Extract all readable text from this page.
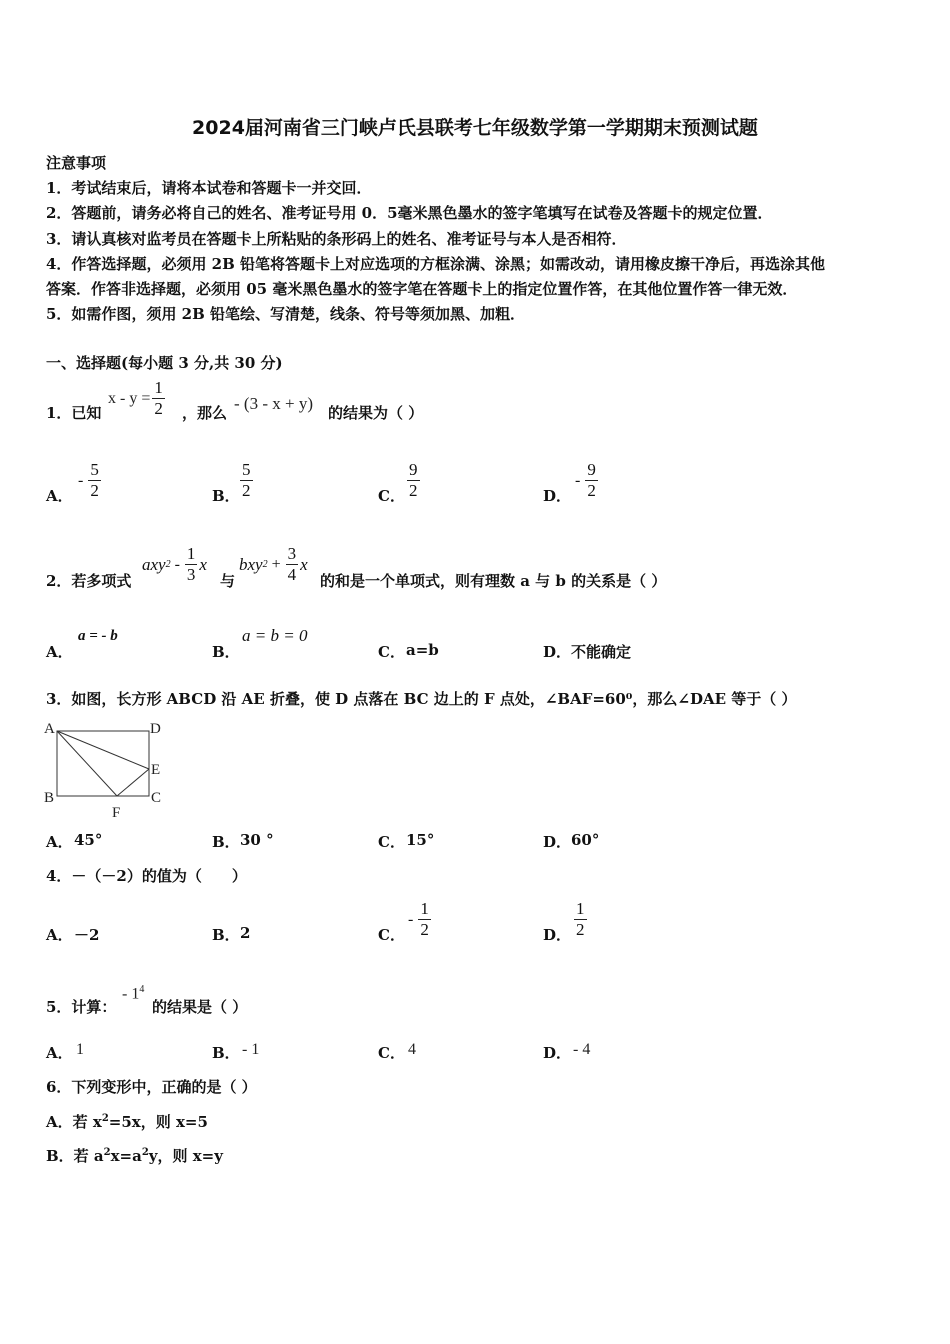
2024届河南省三门峡卢氏县联考七年级数学第一学期期末预测试题
注意事项
1．考试结束后，请将本试卷和答题卡一并交回．
2．答题前，请务必将自己的姓名、准考证号用 0．5毫米黑色墨水的签字笔填写在试卷及答题卡的规定位置．
3．请认真核对监考员在答题卡上所粘贴的条形码上的姓名、准考证号与本人是否相符．
4．作答选择题，必须用 2B 铅笔将答题卡上对应选项的方框涂满、涂黑；如需改动，请用橡皮擦干净后，再选涂其他
答案．作答非选择题，必须用 05 毫米黑色墨水的签字笔在答题卡上的指定位置作答，在其他位置作答一律无效．
5．如需作图，须用 2B 铅笔绘、写清楚，线条、符号等须加黑、加粗．
一、选择题(每小题 3 分,共 30 分)
1．已知
$x - y = \frac{1}{2}$ ，那么 - (3 - x + y) 的结果为（ ）
A．
- $\frac{5}{2}$	B． $\frac{5}{2}$	C． $\frac{9}{2}$	D．
- $\frac{9}{2}$
2．若多项式
axy $2 - \frac{1}{3}$ x
与
bxy $2 + \frac{3}{4}$ x
的和是一个单项式，则有理数 a 与 b 的关系是（ ）
A．
a = - b
B．
a = b = 0
C． a=b	D． 不能确定
3．如图，长方形 ABCD 沿 AE 折叠，使 D 点落在 BC 边上的 F 点处，∠BAF=60⁰，那么∠DAE 等于（ ）
A	D
E
B	C
F
A． 45°	B． 30 °	C． 15°	D． 60°
4．－（－2）的值为（　　）
A． －2	B． 2	C．
- $\frac{1}{2}$	D． $\frac{1}{2}$
5．计算：
- $1^4$
的结果是（ ）
A． 1	B． - 1	C． 4	D． - 4
6．下列变形中，正确的是（ ）
A．若 $x^2=5x$，则 x=5
B．若 $a^2x=a^2y$，则 x=y
